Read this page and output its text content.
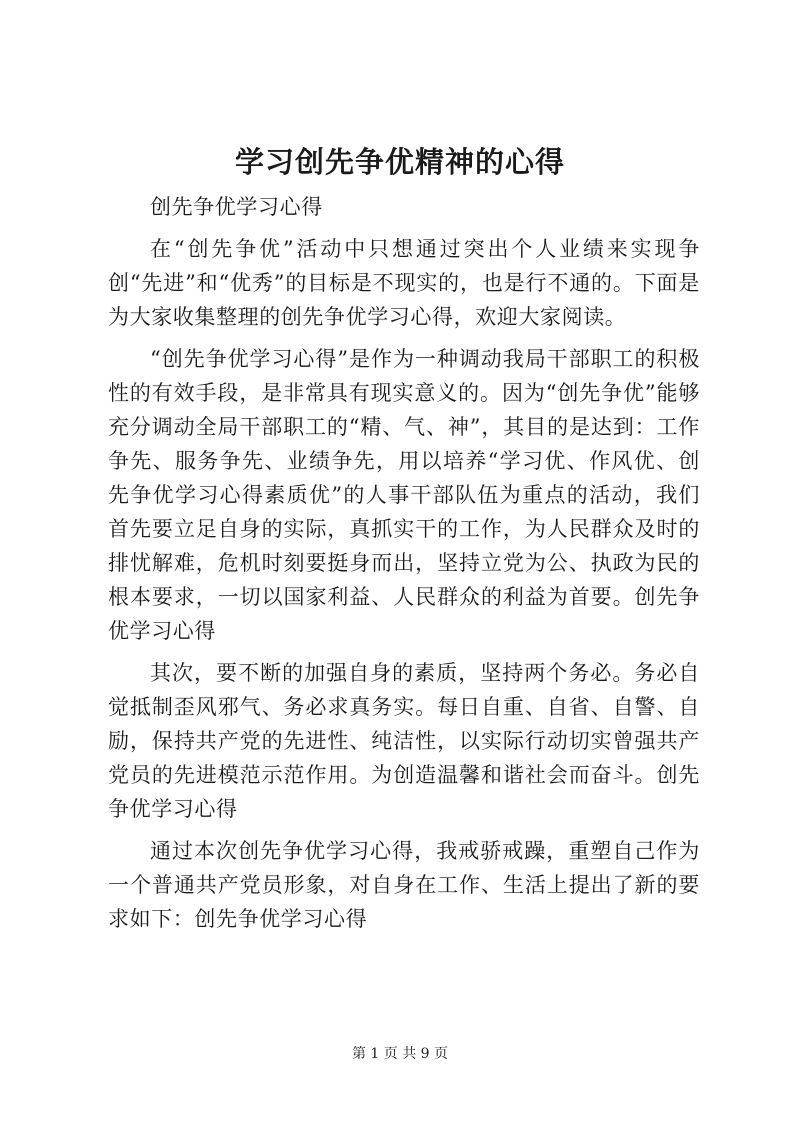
学习创先争优精神的心得

创先争优学习心得

在“创先争优”活动中只想通过突出个人业绩来实现争创“先进”和“优秀”的目标是不现实的，也是行不通的。下面是为大家收集整理的创先争优学习心得，欢迎大家阅读。

“创先争优学习心得”是作为一种调动我局干部职工的积极性的有效手段，是非常具有现实意义的。因为“创先争优”能够充分调动全局干部职工的“精、气、神”，其目的是达到：工作争先、服务争先、业绩争先，用以培养“学习优、作风优、创先争优学习心得素质优”的人事干部队伍为重点的活动，我们首先要立足自身的实际，真抓实干的工作，为人民群众及时的排忧解难，危机时刻要挺身而出，坚持立党为公、执政为民的根本要求，一切以国家利益、人民群众的利益为首要。创先争优学习心得

其次，要不断的加强自身的素质，坚持两个务必。务必自觉抵制歪风邪气、务必求真务实。每日自重、自省、自警、自励，保持共产党的先进性、纯洁性，以实际行动切实曾强共产党员的先进模范示范作用。为创造温馨和谐社会而奋斗。创先争优学习心得

通过本次创先争优学习心得，我戒骄戒躁，重塑自己作为一个普通共产党员形象，对自身在工作、生活上提出了新的要求如下：创先争优学习心得

第 1 页 共 9 页
